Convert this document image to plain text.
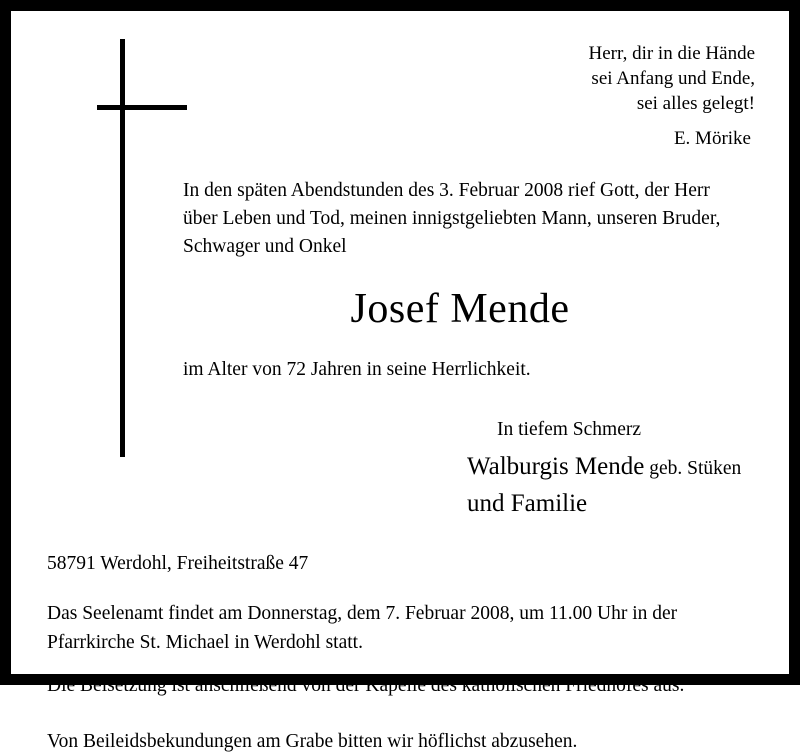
Herr, dir in die Hände
sei Anfang und Ende,
sei alles gelegt!
E. Mörike
In den späten Abendstunden des 3. Februar 2008 rief Gott, der Herr
über Leben und Tod, meinen innigstgeliebten Mann, unseren Bruder,
Schwager und Onkel
Josef Mende
im Alter von 72 Jahren in seine Herrlichkeit.
In tiefem Schmerz
Walburgis Mende geb. Stüken
und Familie
58791 Werdohl, Freiheitstraße 47
Das Seelenamt findet am Donnerstag, dem 7. Februar 2008, um 11.00 Uhr in der
Pfarrkirche St. Michael in Werdohl statt.
Die Beisetzung ist anschließend von der Kapelle des katholischen Friedhofes aus.
Von Beileidsbekundungen am Grabe bitten wir höflichst abzusehen.
